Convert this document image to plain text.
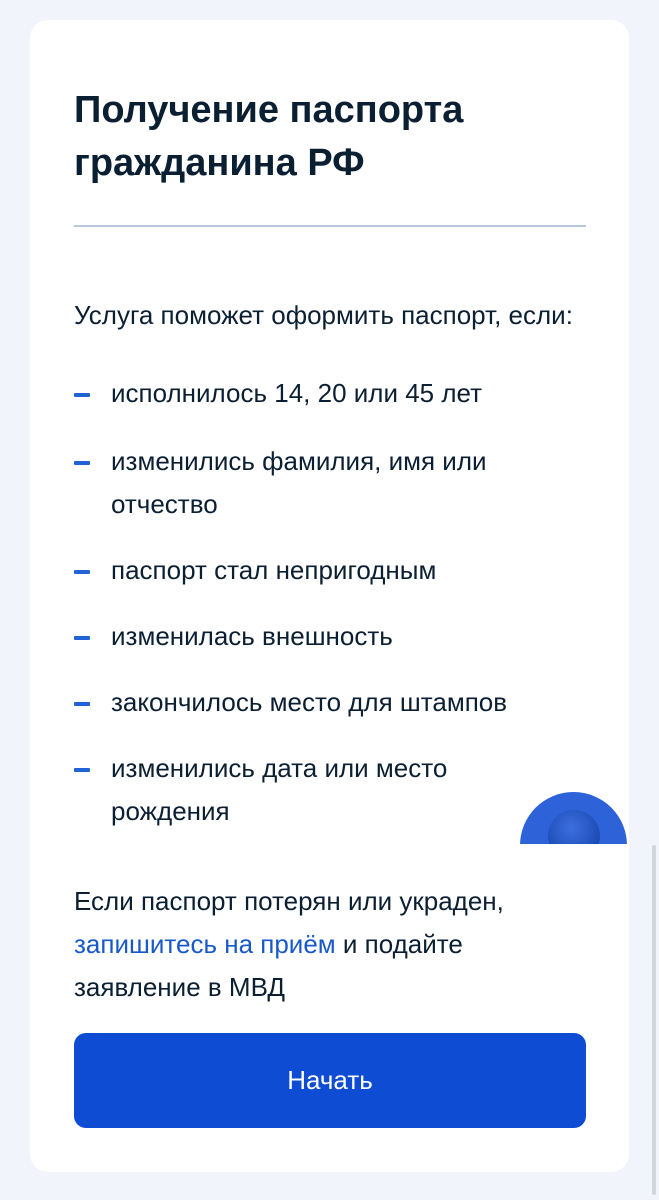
Получение паспорта гражданина РФ

Услуга поможет оформить паспорт, если:

исполнилось 14, 20 или 45 лет
изменились фамилия, имя или отчество
паспорт стал непригодным
изменилась внешность
закончилось место для штампов
изменились дата или место рождения

Если паспорт потерян или украден,
запишитесь на приём и подайте заявление в МВД

Начать
